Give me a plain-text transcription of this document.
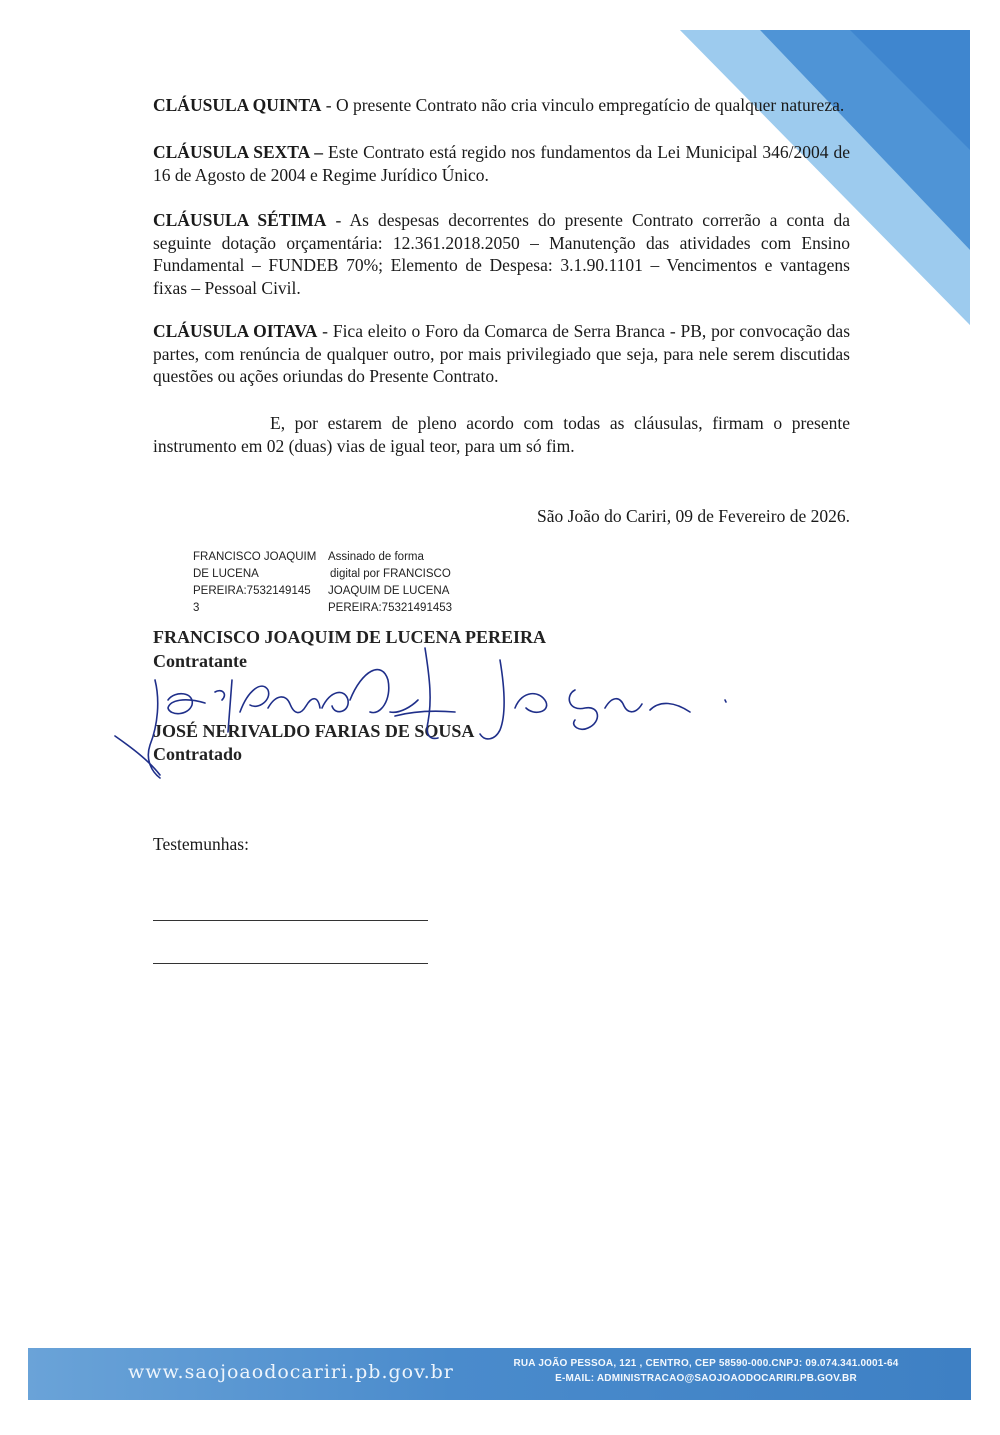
CLÁUSULA QUINTA - O presente Contrato não cria vinculo empregatício de qualquer natureza.

CLÁUSULA SEXTA – Este Contrato está regido nos fundamentos da Lei Municipal 346/2004 de 16 de Agosto de 2004 e Regime Jurídico Único.

CLÁUSULA SÉTIMA - As despesas decorrentes do presente Contrato correrão a conta da seguinte dotação orçamentária: 12.361.2018.2050 – Manutenção das atividades com Ensino Fundamental – FUNDEB 70%; Elemento de Despesa: 3.1.90.1101 – Vencimentos e vantagens fixas – Pessoal Civil.

CLÁUSULA OITAVA - Fica eleito o Foro da Comarca de Serra Branca - PB, por convocação das partes, com renúncia de qualquer outro, por mais privilegiado que seja, para nele serem discutidas questões ou ações oriundas do Presente Contrato.

E, por estarem de pleno acordo com todas as cláusulas, firmam o presente instrumento em 02 (duas) vias de igual teor, para um só fim.

São João do Cariri, 09 de Fevereiro de 2026.
FRANCISCO JOAQUIM
DE LUCENA
PEREIRA:7532149145
3
Assinado de forma
digital por FRANCISCO
JOAQUIM DE LUCENA
PEREIRA:75321491453
FRANCISCO JOAQUIM DE LUCENA PEREIRA
Contratante
JOSÉ NERIVALDO FARIAS DE SOUSA
Contratado
Testemunhas:
www.saojoaodocariri.pb.gov.br	RUA JOÃO PESSOA, 121 , CENTRO, CEP 58590-000.CNPJ: 09.074.341.0001-64
E-MAIL: ADMINISTRACAO@SAOJOAODOCARIRI.PB.GOV.BR
